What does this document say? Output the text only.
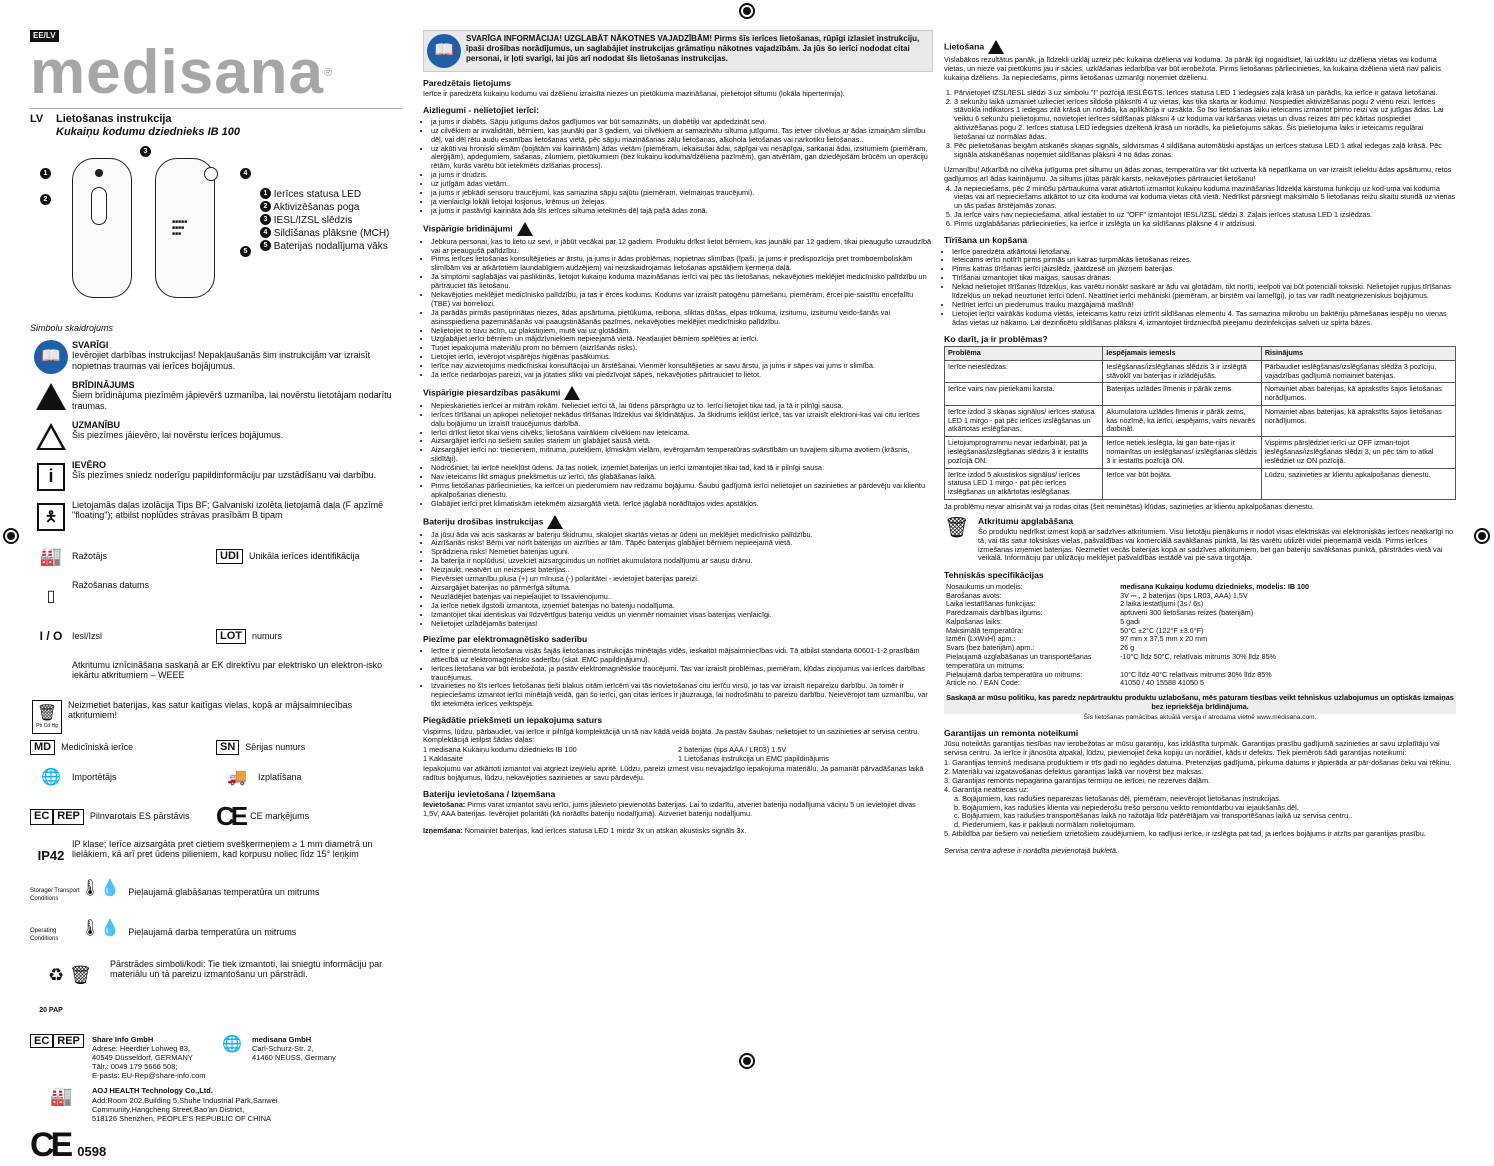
EE/LV
medisana®
LV Lietošanas instrukcija
Kukaiņu kodumu dziednieks IB 100
■■■■■
■■■■
■■■
1
2
3
4
5
1 Ierīces statusa LED
2 Aktivizēšanas poga
3 IESL/IZSL slēdzis
4 Sildīšanas plāksne (MCH)
5 Baterijas nodalījuma vāks
Simbolu skaidrojums
📖
SVARĪGI
Ievērojiet darbības instrukcijas! Nepakļaušanās šim instrukcijām var izraisīt nopietnas traumas vai ierīces bojājumus.
BRĪDINĀJUMS
Šiem brīdinājuma piezīmēm jāpievērš uzmanība, lai novērstu lietotājam nodarītu traumas.
UZMANĪBU
Šis piezīmes jāievēro, lai novērstu ierīces bojājumus.
i
IEVĒRO
Šīs piezīmes sniedz noderīgu papildinformāciju par uzstādīšanu vai darbību.
🯅
Lietojamās daļas izolācija Tips BF; Galvaniski izolēta lietojamā daļa (F apzīmē "floating"); atbilst noplūdes strāvas prasībām B tipam
🏭	Ražotājs	UDI	Unikāla ierīces identifikācija
▯
Ražošanas datums
I / O	Iesl/Izsl	LOT	numurs
Atkritumu iznīcināšana saskaņā ar EK direktīvu par elektrisko un elektron-isko iekārtu atkritumiem – WEEE
🗑
Pb Cd Hg
Neizmetiet baterijas, kas satur kaitīgas vielas, kopā ar mājsaimniecības atkritumiem!
MD	Medicīniskā ierīce	SN	Sērijas numurs
🌐	Importētājs	🚚	Izplatīšana
EC REP	Pilnvarotais ES pārstāvis CE CE marķējums
IP42
IP klase; Ierīce aizsargāta pret cietiem svešķermeņiem ≥ 1 mm diametrā un lielākiem, kā arī pret ūdens pilieniem, kad korpusu noliec līdz 15° leņķim
Storage/ Transport Conditions
🌡💧 Pieļaujamā glabāšanas temperatūra un mitrums
Operating Conditions
🌡💧 Pieļaujamā darba temperatūra un mitrums
♻ 🗑
Pārstrādes simboli/kodi: Tie tiek izmantoti, lai sniegtu informāciju par materiālu un tā pareizu izmantošanu un pārstrādi.
20 PAP
EC REP	Share Info GmbH
Adrese: Heerdter Lohweg 83,
40549 Düsseldorf, GERMANY
Tālr.: 0049 179 5666 508;
E-pasts: EU-Rep@share-info.com
🌐	medisana GmbH
Carl-Schurz-Str. 2,
41460 NEUSS, Germany
🏭	AOJ HEALTH Technology Co.,Ltd.
Add:Room 202,Building 5,Shuhe Industrial Park,Sanwei
Community,Hangcheng Street,Bao'an District,
518126 Shenzhen, PEOPLE'S REPUBLIC OF CHINA
CE 0598
📖
SVARĪGA INFORMĀCIJA! UZGLABĀT NĀKOTNES VAJADZĪBĀM! Pirms šīs ierīces lietošanas, rūpīgi izlasiet instrukciju, īpaši drošības norādījumus, un saglabājiet instrukcijas grāmatiņu nākotnes vajadzībām. Ja jūs šo ierīci nododat citai personai, ir ļoti svarīgi, lai jūs arī nododat šīs lietošanas instrukcijas.
Paredzētais lietojums

Ierīce ir paredzēta kukaiņu kodumu vai dzēlienu izraisīta niezes un pietūkuma mazināšanai, pielietojot siltumu (lokāla hipertermija).

Aizliegumi - nelietojiet ierīci:
• ja jums ir diabēts. Sāpju jutīgums dažos gadījumos var būt samazināts, un diabētiķi var apdedzināt sevi.
• uz cilvēkiem ar invaliditāti, bērniem, kas jaunāki par 3 gadiem, vai cilvēkiem ar samazinātu siltuma jutīgumu. Tas ietver cilvēkus ar ādas izmaiņām slimību dēļ, vai dēļ rētu audu esamības lietošanas vietā, pēc sāpju mazināšanas zāļu lietošanas, alkohola lietošanas vai narkotiku lietošanas..
• uz akūti vai hroniski slimām (bojātām vai kairinātām) ādas vietām (piemēram, iekaisušai ādai, sāpīgai vai nesāpīgai, sarkanai ādai, izsitumiem (piemēram, alerģijām), apdegumiem, sašanas, zilumiem, pietūkumiem (bez kukaiņu koduma/dzēliena pazīmēm), gan atvērtām, gan dziedējošām brūcēm un operāciju rētām, kurās varētu būt ietekmēts dzīšanas process).
• ja jums ir drudzis.
• uz jutīgām ādas vietām..
• ja jums ir jebkādi sensoru traucējumi, kas samazina sāpju sajūtu (piemēram, vielmaiņas traucējumi).
• ja vienlaicīgi lokāli lietojat losjonus, krēmus un želejas.
• ja jums ir pastāvīgi kairināta āda šīs ierīces siltuma ietekmēs dēļ tajā pašā ādas zonā.
Vispārīgie brīdinājumi
• Jebkura personai, kas to lieto uz sevi, ir jābūt vecākai par 12 gadiem. Produktu drīkst lietot bērniem, kas jaunāki par 12 gadiem, tikai pieaugušo uzraudzībā vai ar pieaugušā palīdzību.
• Pirms ierīces lietošanas konsultējieties ar ārstu, ja jums ir ādas problēmas, nopietnas slimības (īpaši, ja jums ir predispozīcija pret tromboemboliskām slimībām vai ar atkārtotiem ļaundabīgiem audzējiem) vai neizskaidrojamas lietošanas apstākļiem ķermeņa daļā.
• Ja simptomi saglabājas vai pasliktinās, lietojot kukaiņu koduma mazināšanas ierīci vai pēc tās lietošanas, nekavējoties meklējiet medicīnisko palīdzību un pārtrauciet tās lietošanu.
• Nekavējoties meklējiet medicīnisko palīdzību, ja tas ir ērces kodums. Kodums var izraisīt patogēnu pārnešanu, piemēram, ērcei pie-saistītu encefalītu (TBE) vai borreliozi.
• Ja parādās pirmās pastiprinātas niezes, ādas apsārtuma, pietūkuma, reiboņa, sliktas dūšas, elpas trūkuma, izsitumu, izsitumu veido-šanās vai asinsspiediena pazemināšanās vai paaugstināšanās pazīmes, nekavējoties meklējiet medicīnisko palīdzību.
• Nelietojiet to tuvu acīm, uz plakstiņiem, mutē vai uz glotādām.
• Uzglabājiet ierīci bērniem un mājdzīvniekiem nepieejamā vietā. Neatļaujiet bērniem spēlēties ar ierīci.
• Turiet iepakojuma materiālu prom no bērniem (aizrīšanās risks).
• Lietojiet ierīci, ievērojot vispārējos higiēnas pasākumus.
• Ierīce nav aizvietojums medicīniskai konsultācijai un ārstēšanai. Vienmēr konsultējieties ar savu ārstu, ja jums ir sāpes vai jums ir slimība.
• Ja ierīce nedarbojas pareizi, vai ja jūtaties slikti vai piedzīvojat sāpes, nekavējoties pārtrauciet to lietot.
Vispārīgie piesardzības pasākumi
• Nepieskarieties ierīcei ar mitrām rokām. Nelieciet ierīci tā, lai ūdens pārsprāgtu uz to. Ierīci lietojiet tikai tad, ja tā ir pilnīgi sausa.
• Ierīces tīrīšanai un apkopei nelietojiet nekādus tīrīšanas līdzekļus vai šķīdinātājus. Ja škidrums iekļūst ierīcē, tas var izraisīt elektroni-kas vai citu ierīces daļu bojājumu un izraisīt traucējumus darbībā.
• Ierīci drīkst lietot tikai viens cilvēks; lietošana vairākiem cilvēkiem nav ieteicama.
• Aizsargājiet ierīci no tiešiem saules stariem un glabājiet sausā vietā.
• Aizsargājiet ierīci no: triecieniem, mitruma, putekļiem, ķīmiskām vielām, ievērojamām temperatūras svārstībām un tuvajiem siltuma avotiem (krāsnis, sildītāji).
• Nodrošiniet, lai ierīcē neiekļūst ūdens. Ja tas notiek, izņemiet baterijas un ierīci izmantojiet tikai tad, kad tā ir pilnīgi sausa.
• Nav ieteicams likt smagus priekšmetus uz ierīci, tās glabāšanas laikā.
• Pirms lietošanas pārliecinieties, ka ierīcei un piederumiem nav redzamu bojājumu. Šaubu gadījumā ierīci nelietojiet un sazinieties ar pārdevēju vai klientu apkalpošanas dienestu.
• Glabājiet ierīci pret klimatiskām ietekmēm aizsargātā vietā. Ierīce jāglabā norādītajos vides apstākļos.
Bateriju drošības instrukcijas
• Ja jūsu āda vai acis saskaras ar bateriju šķidrumu, skalojiet skartās vietas ar ūdeni un meklējiet medicīnisko palīdzību.
• Aizrīšanās risks! Bērni var norīt baterijas un aizrīties ar tām. Tāpēc baterijas glabājiet bērniem nepieejamā vietā.
• Sprādziena risks! Nemetiet baterijas uguni.
• Ja baterija ir noplūdusi, uzvelciet aizsargcimdus un notīriet akumulatora nodalījumu ar sausu drānu.
• Neizjaukt, neatvērt un neizspiest baterijas..
• Pievērsiet uzmanību plusa (+) un mīnusa (-) polaritātei - ievietojiet baterijas pareizi.
• Aizsargājiet baterijas no pārmērīgā siltuma.
• Neuzlādējiet baterijas vai nepieļaujiet to īssavienojumu..
• Ja ierīce netiek ilgstoši izmantota, izņemiet baterijas no bateriju nodalījuma.
• Izmantojiet tikai identiskus vai līdzvērtīgus bateriju veidus un vienmēr nomainiet visas baterijas vienlaicīgi.
• Nelietojiet uzlādējamās baterijas!
Piezīme par elektromagnētisko saderību
• Ierīce ir piemērota lietošanai visās šajās lietošanas instrukcijās minētajās vidēs, ieskaitot mājsaimniecības vidi. Tā atbilst standarta 60601-1-2 prasībām attiecībā uz elektromagnētisko saderību (skat. EMC papildinājumu).
• Ierīces lietošana var būt ierobežota, ja pastāv elektromagnētiskie traucējumi. Tas var izraisīt problēmas, piemēram, kļūdas ziņojumus vai ierīces darbības traucējumus.
• Izvairieties no šīs ierīces lietošanas tieši blakus citām ierīcēm vai tās novietošanas citu ierīču virsū, jo tas var izraisīt nepareizu darbību. Ja tomēr ir nepieciešams izmantot ierīci minētajā veidā, gan šo ierīci, gan citas ierīces ir jāuzrauga, lai nodrošinātu to pareizu darbību. Neievērojot tam uzmanību, var tikt ietekmēta ierīces veiktspēja.
Piegādātie priekšmeti un iepakojuma saturs

Vispirms, lūdzu, pārbaudiet, vai ierīce ir pilnīgā komplektācijā un tā nav kādā veidā bojāta. Ja pastāv šaubas, nelietojiet to un sazinieties ar servisa centru. Komplektācijā ietilpst šādas daļas:

1 medisana Kukaiņu kodumu dziednieks IB 100	2 baterijas (tips AAA / LR03) 1.5V
1 Kaklasaite	1 Lietošanas instrukcija un EMC papildinājums

Iepakojumu var atkārtoti izmantot vai atgriezt izejvielu apritē. Lūdzu, pareizi izmest visu nevajadzīgo iepakojuma materiālu. Ja pamanāt pārvadāšanas laikā radītus bojājumus, lūdzu, nekavējoties sazinieties ar savu pārdevēju.

Bateriju ievietošana / Izņemšana

Ievietošana: Pirms varat izmantot savu ierīci, jums jāievieto pievienotās baterijas. Lai to izdarītu, atveriet bateriju nodalījuma vāciņu 5 un ievietojiet divas 1,5V, AAA baterijas. Ievērojiet polaritāti (kā norādīts bateriju nodalījumā). Aizveriet bateriju nodalījumu.

Izņemšana: Nomainiet baterijas, kad ierīces statusa LED 1 mirdz 3x un atskan akustisks signāls 3x.

Lietošana

Vislabākos rezultātus panāk, ja līdzekli uzklāj uzreiz pēc kukaiņa dzēliena vai koduma. Ja pārāk ilgi nogaidīsiet, lai uzklātu uz dzēliena vietas vai koduma vietas, un nieze vai pietūkums jau ir sācies, uzklāšanas iedarbība var būt ierobežota. Pirms lietošanas pārliecinieties, ka kukaiņa dzēliena vietā nav palicis kukaiņa dzēliens. Ja nepieciešams, pirms lietošanas uzmanīgi noņemiet dzēlienu.

1. Pārvietojiet IZSL/IESL slēdzi 3 uz simbolu "I" pozīcijā IESLĒGTS. Ierīces statusa LED 1 iedegsies zaļā krāsā un parādīs, ka ierīce ir gatava lietošanai.
2. 3 sekunžu laikā uzmaniet uzlieciet ierīces sildošo plāksnīti 4 uz vietas, kas tika skarta ar kodumu. Nospiediet aktivizēšanas pogu 2 vienu reizi. Ierīces stāvokļa indikators 1 iedegas zilā krāsā un norāda, ka aplikācija ir uzsākta. Šo īso lietošanas laiku ieteicams izmantot pirmo reizi vai uz jutīgas ādas. Lai veiktu 6 sekunžu pielietojumu, novietojiet ierīces sildīšanas plāksni 4 uz koduma vai kāršanas vietas un divas reizes ātri pēc kārtas nospiediet aktivizēšanas pogu 2. Ierīces statusa LED iedegsies dzeltenā krāsā un norādīs, ka pielietojums sākas. Šis pielietojuma laiks ir ieteicams regulārai lietošanai uz normālas ādas.
3. Pēc pielietošanas beigām atskanēs skaņas signāls, sildvirsmas 4 sildīšana automātiski apstājas un ierīces statusa LED 1 atkal iedegas zaļā krāsā. Pēc signāla atskanēšanas noņemiet sildīšanas plāksni 4 no ādas zonas.

Uzmanību! Atkarībā no cilvēka jutīguma pret siltumu un ādas zonas, temperatūra var tikt uztverta kā nepatīkama un var izraisīt ieliektu ādas apsārtumu, retos gadījumos arī ādas kairinājumu. Ja siltums jūtas pārāk karsts, nekavējoties pārtrauciet lietošanu!

4. Ja nepieciešams, pēc 2 minūšu pārtraukuma varat atkārtoti izmantot kukaiņu koduma mazināšanas līdzekļa karstuma funkciju uz kod-uma vai koduma vietas vai arī nepieciešams atkārtot to uz cita koduma vai koduma vietas citā vietā. Nedrīkst pārsniegt maksimālo 5 lietošanas reižu skaitu stundā uz vienas un tās pašas ārstējamās zonas.
5. Ja ierīce vairs nav nepieciešama, atkal iestatiet to uz "OFF" izmantojot IESL/IZSL slēdzi 3. Zaļais ierīces statusa LED 1 izslēdzas.
6. Pirms uzglabāšanas pārliecinieties, ka ierīce ir izslēgta un ka sildīšanas plāksne 4 ir atdzisusi.
Tīrīšana un kopšana
• Ierīce paredzēta atkārtotai lietošanai.
• Ieteicams ierīci notīrīt pirms pirmās un katras turpmākās lietošanas reizes.
• Pirms katras tīrīšanas ierīci jāizslēdz, jāatdzesē un jāizņem baterijas.
• Tīrīšanai izmantojiet tikai maigas, sausas drānas.
• Nekad nelietojiet tīrīšanas līdzekļus, kas varētu nonākt saskarē ar ādu vai glotādām, tikt norīti, ieelpoti vai būt potenciāli toksiski. Nelietojiet rupjus tīrīšanas līdzekļus un nekad neuzturiet ierīci ūdenī. Neattīriet ierīci mehāniski (piemēram, ar birstēm vai lamelīgi), jo tas var radīt neatgriezeniskus bojājumus.
• Netīriet ierīci un piederumus trauku mazgājamā mašīnā!
• Lietojiet ierīci vairākās koduma vietās, ieteicams katru reizi iztīrīt sildīšanas elementu 4. Tas samazina mikrobu un baktēriju pārnešanas iespēju no vienas ādas vietas uz nākamo. Lai dezinficētu sildīšanas plāksni 4, izmantojiet tirdzniecībā pieejamu dezinfekcijas salveti uz spirta bāzes.
Ko darīt, ja ir problēmas?
Problēma	Iespējamais iemesls	Risinājums
Ierīce neieslēdzas.	Ieslēgšanas/izslēgšanas slēdzis 3 ir izslēgtā stāvoklī vai baterijas ir izlādējušās.	Pārbaudiet ieslēgšanas/izslēgšanas slēdža 3 pozīciju, vajadzības gadījumā nomainiet baterijas.
Ierīce vairs nav pietiekami karsta.	Baterijas uzlādes līmenis ir pārāk zems.	Nomainiet abas baterijas, kā aprakstīts šajos lietošanas norādījumos.
Ierīce izdod 3 skaņas signālus/ ierīces statusa LED 1 mirgo - pat pēc ierīces izslēgšanas un atkārtotas ieslēgšanas.	Akumulatora uzlādes līmenis ir pārāk zems, kas nozīmē, ka ierīci, iespējams, vairs nevarēs darbināt.	Nomainiet abas baterijas, kā aprakstīts šajos lietošanas norādījumos.
Lietojumprogrammu nevar iedarbināt, pat ja ieslēgšanas/izslēgšanas slēdzis 3 ir iestatīts pozīcijā ON.	Ierīce netiek ieslēgta, lai gan bate-rijas ir nomainītas un ieslēgšanas/ izslēgšanas slēdzis 3 ir iestatīts pozīcijā ON.	Vispirms pārslēdziet ierīci uz OFF izman-tojot ieslēgšanas/izslēgšanas slēdzi 3, un pēc tam to atkal ieslēdziet uz ON pozīcijā.
Ierīce izdod 5 akustiskos signālus/ ierīces statusa LED 1 mirgo - pat pēc ierīces izslēgšanas un atkārtotas ieslēgšanas.	Ierīce var būt bojāta.	Lūdzu, sazinieties ar klientu apkalpošanas dienestu.

Ja problēmu nevar atrisināt vai ja rodas citas (šeit neminētas) kļūdas, sazinieties ar klientu apkalpošanas dienestu.

🗑	Atkritumu apglabāšana

Šo produktu nedrīkst izmest kopā ar sadzīves atkritumiem. Visu lietotāju pienākums ir nodot visas elektriskās vai elektroniskās ierīces neatkarīgi no tā, vai tās satur toksiskas vielas, pašvaldības vai komerciālā savākšanas punktā, lai tās varētu utilizēt videi pieņemamā veidā. Pirms ierīces izmešanas izņemiet baterijas. Nezmetiet vecās baterijas kopā ar sadzīves atkritumiem, bet gan bateriju savākšanas punktā, pārstrādes vietā vai veikalā. Informāciju par utilizāciju meklējiet pašvaldības iestādē vai pie sava tirgotāja.

Tehniskās specifikācijas
Nosaukums un modelis:	medisana Kukaiņu kodumu dziednieks, modelis: IB 100
Barošanas avots:	3V ⎓ , 2 baterijas (tips LR03, AAA) 1,5V
Laika iestatīšanas funkcijas:	2 laika iestatījumi (3s / 6s)
Paredzamais darbības ilgums:	aptuveni 300 lietošanas reizes (baterijām)
Kalpošanas laiks:	5 gadi
Maksimālā temperatūra:	50°C ±2°C (122°F ±3.6°F)
Izmēri (LxWxH) apm.:	97 mm x 37,5 mm x 20 mm
Svars (bez baterijām) apm.:	26 g
Pieļaujamā uzglabāšanas un transportēšanas temperatūra un mitrums:	-10°C līdz 50°C, relatīvais mitrums 30% līdz 85%
Pieļaujamā darba temperatūra un mitrums:	10°C līdz 40°C relatīvais mitrums 30% līdz 85%
Article no. / EAN Code:	41050 / 40 15588 41050 5
Saskaņā ar mūsu politiku, kas paredz nepārtrauktu produktu uzlabošanu, mēs paturam tiesības veikt tehniskus uzlabojumus un optiskās izmaiņas bez iepriekšēja brīdinājuma.
Šīs lietošanas pamācības aktuālā versija ir atrodama vietnē www.medisana.com.
Garantijas un remonta noteikumi

Jūsu noteiktās garantijas tiesības nav ierobežotas ar mūsu garantiju, kas izklāstīta turpmāk. Garantijas prasību gadījumā sazinieties ar savu izplatītāju vai servisa centru. Ja ierīce ir jānosūta atpakaļ, lūdzu, pievienojiet čeka kopiju un norādiet, kāds ir defekts. Tiek piemēroti šādi garantijas noteikumi:

1. Garantijas termiņš medisana produktiem ir trīs gadi no iegādes datuma. Pretenzijas gadījumā, pirkuma datums ir jāpierāda ar pār-došanas čeku vai rēķinu.
2. Materiālu vai izgatavošanas defektus garantijas laikā var novērst bez maksas.
3. Garantijas remonts nepagarina garantijas termiņu ne ierīcei, ne rezerves daļām.
4. Garantija neattiecas uz:
a. Bojājumiem, kas radušies nepareizas lietošanas dēļ, piemēram, neievērojot lietošanas instrukcijas.
b. Bojājumiem, kas radušies klienta vai nepiederošu trešo personu veikto remontdarbu vai iejaukšanās dēļ.
c. Bojājumiem, kas radušies transportēšanas laikā no ražotāja līdz patērētājam vai transportēšanas laikā uz servisa centru..
d. Piederumiem, kas ir pakļauti normālam nolietojumam.
5. Atbildība par tiešiem vai netiešiem izrietošiem zaudējumiem, ko radījusi ierīce, ir izslēgta pat tad, ja ierīces bojājums ir atzīts par garantijas prasību.

Servisa centra adrese ir norādīta pievienotajā bukletā.
